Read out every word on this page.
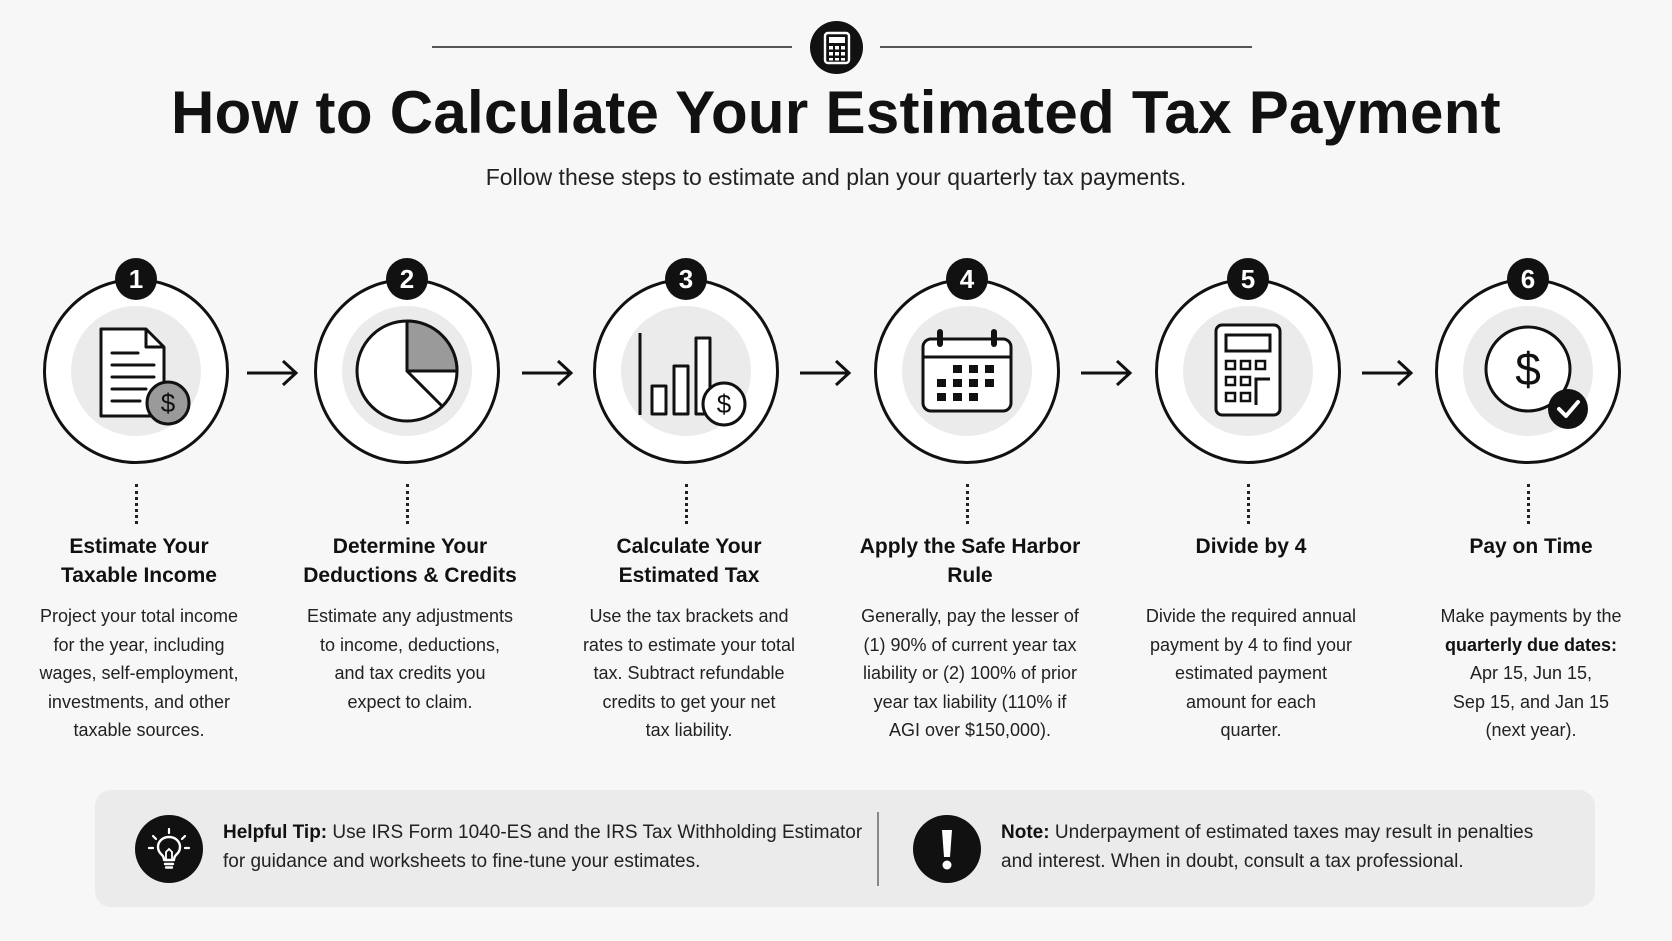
How to Calculate Your Estimated Tax Payment
Follow these steps to estimate and plan your quarterly tax payments.
$
1
Estimate Your
Taxable Income
Project your total income
for the year, including
wages, self-employment,
investments, and other
taxable sources.
2
Determine Your
Deductions & Credits
Estimate any adjustments
to income, deductions,
and tax credits you
expect to claim.
$
3
Calculate Your
Estimated Tax
Use the tax brackets and
rates to estimate your total
tax. Subtract refundable
credits to get your net
tax liability.
4
Apply the Safe Harbor
Rule
Generally, pay the lesser of
(1) 90% of current year tax
liability or (2) 100% of prior
year tax liability (110% if
AGI over $150,000).
5
Divide by 4
Divide the required annual
payment by 4 to find your
estimated payment
amount for each
quarter.
$
6
Pay on Time
Make payments by the
quarterly due dates:
Apr 15, Jun 15,
Sep 15, and Jan 15
(next year).
Helpful Tip: Use IRS Form 1040-ES and the IRS Tax Withholding Estimator for guidance and worksheets to fine-tune your estimates.
Note: Underpayment of estimated taxes may result in penalties and interest. When in doubt, consult a tax professional.
